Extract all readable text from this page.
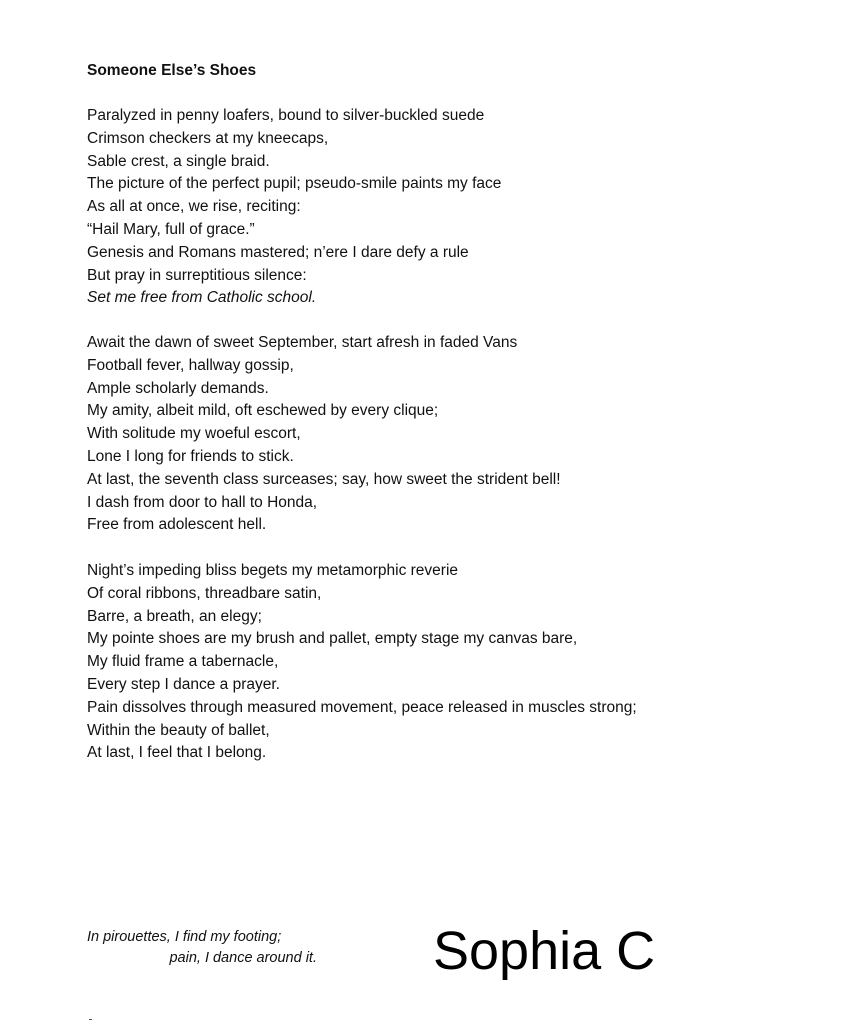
Someone Else’s Shoes
Paralyzed in penny loafers, bound to silver-buckled suede
Crimson checkers at my kneecaps,
Sable crest, a single braid.
The picture of the perfect pupil; pseudo-smile paints my face
As all at once, we rise, reciting:
“Hail Mary, full of grace.”
Genesis and Romans mastered; n’ere I dare defy a rule
But pray in surreptitious silence:
Set me free from Catholic school.
Await the dawn of sweet September, start afresh in faded Vans
Football fever, hallway gossip,
Ample scholarly demands.
My amity, albeit mild, oft eschewed by every clique;
With solitude my woeful escort,
Lone I long for friends to stick.
At last, the seventh class surceases; say, how sweet the strident bell!
I dash from door to hall to Honda,
Free from adolescent hell.
Night’s impeding bliss begets my metamorphic reverie
Of coral ribbons, threadbare satin,
Barre, a breath, an elegy;
My pointe shoes are my brush and pallet, empty stage my canvas bare,
My fluid frame a tabernacle,
Every step I dance a prayer.
Pain dissolves through measured movement, peace released in muscles strong;
Within the beauty of ballet,
At last, I feel that I belong.
In pirouettes, I find my footing;
pain, I dance around it. Sophia C
